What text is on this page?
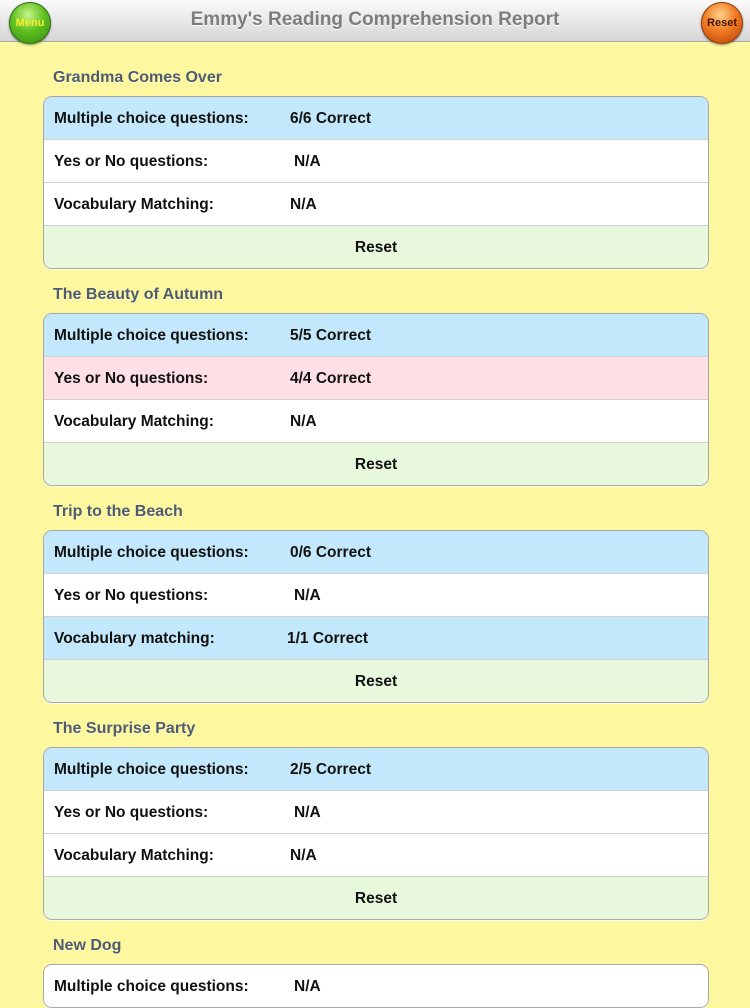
Menu	Emmy's Reading Comprehension Report	Reset
Grandma Comes Over
Multiple choice questions:	6/6 Correct
Yes or No questions:	N/A
Vocabulary Matching:	N/A
Reset
The Beauty of Autumn
Multiple choice questions:	5/5 Correct
Yes or No questions:	4/4 Correct
Vocabulary Matching:	N/A
Reset
Trip to the Beach
Multiple choice questions:	0/6 Correct
Yes or No questions:	N/A
Vocabulary matching:	1/1 Correct
Reset
The Surprise Party
Multiple choice questions:	2/5 Correct
Yes or No questions:	N/A
Vocabulary Matching:	N/A
Reset
New Dog
Multiple choice questions:	N/A
